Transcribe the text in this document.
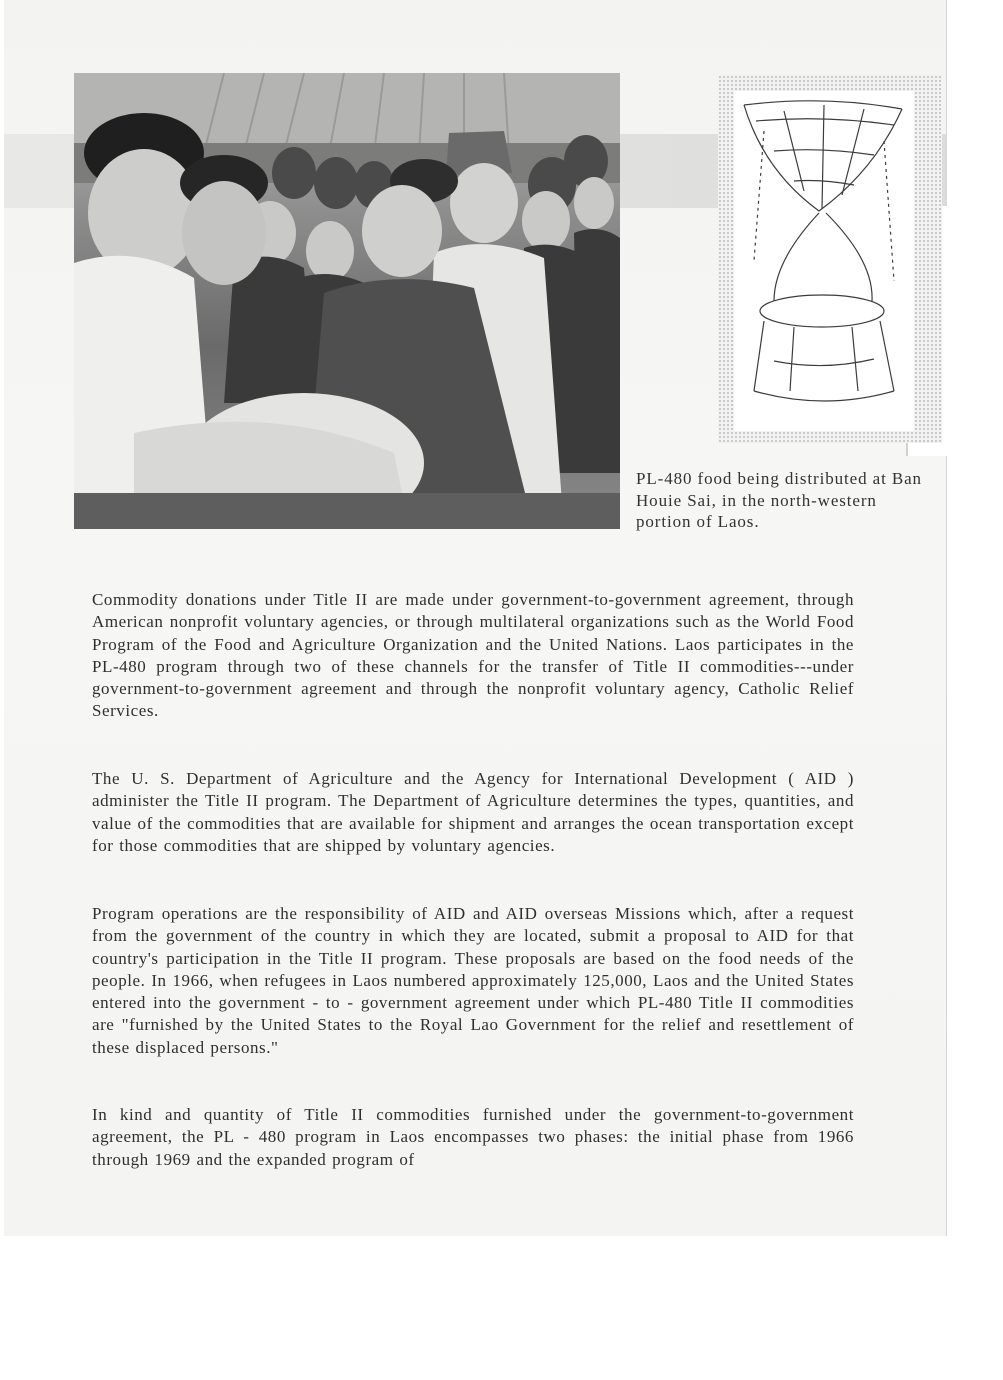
PL-480 food being distributed at Ban Houie Sai, in the north-western portion of Laos.

Commodity donations under Title II are made under government-to-government agreement, through American nonprofit voluntary agencies, or through multilateral organizations such as the World Food Program of the Food and Agriculture Organization and the United Nations. Laos participates in the PL-480 program through two of these channels for the transfer of Title II commodities---under government-to-government agreement and through the nonprofit voluntary agency, Catholic Relief Services.

The U. S. Department of Agriculture and the Agency for International Development ( AID ) administer the Title II program. The Department of Agriculture determines the types, quantities, and value of the commodities that are available for shipment and arranges the ocean transportation except for those commodities that are shipped by voluntary agencies.

Program operations are the responsibility of AID and AID overseas Missions which, after a request from the government of the country in which they are located, submit a proposal to AID for that country's participation in the Title II program. These proposals are based on the food needs of the people. In 1966, when refugees in Laos numbered approximately 125,000, Laos and the United States entered into the government - to - government agreement under which PL-480 Title II commodities are "furnished by the United States to the Royal Lao Government for the relief and resettlement of these displaced persons."

In kind and quantity of Title II commodities furnished under the government-to-government agreement, the PL - 480 program in Laos encompasses two phases: the initial phase from 1966 through 1969 and the expanded program of
